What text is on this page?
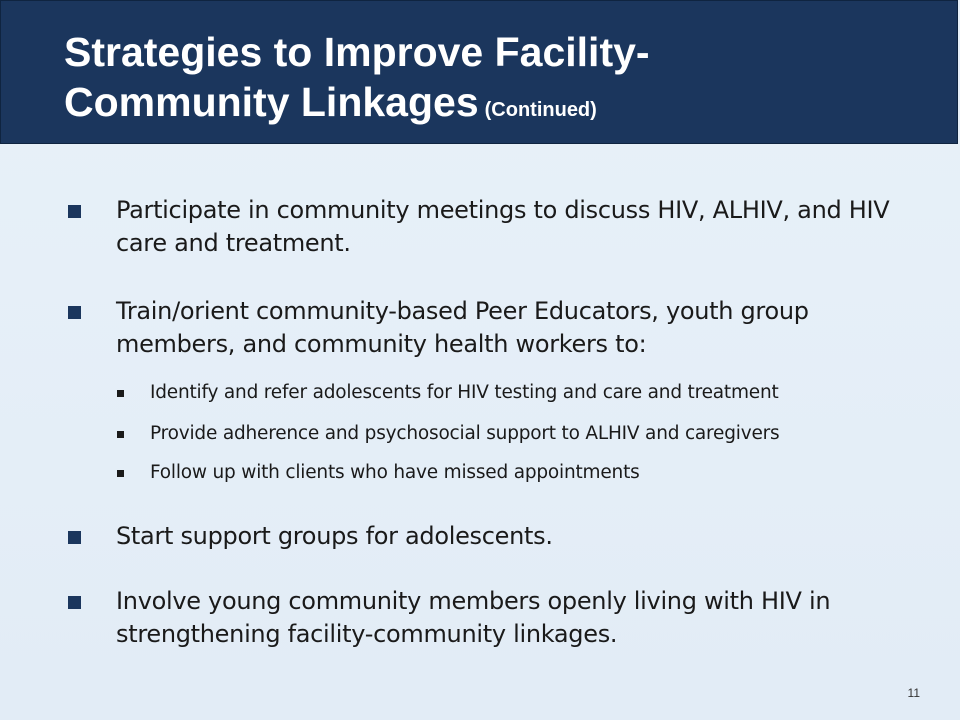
Strategies to Improve Facility-
Community Linkages (Continued)
Participate in community meetings to discuss HIV, ALHIV, and HIV care and treatment.
Train/orient community-based Peer Educators, youth group members, and community health workers to:
Identify and refer adolescents for HIV testing and care and treatment
Provide adherence and psychosocial support to ALHIV and caregivers
Follow up with clients who have missed appointments
Start support groups for adolescents.
Involve young community members openly living with HIV in strengthening facility-community linkages.
11
